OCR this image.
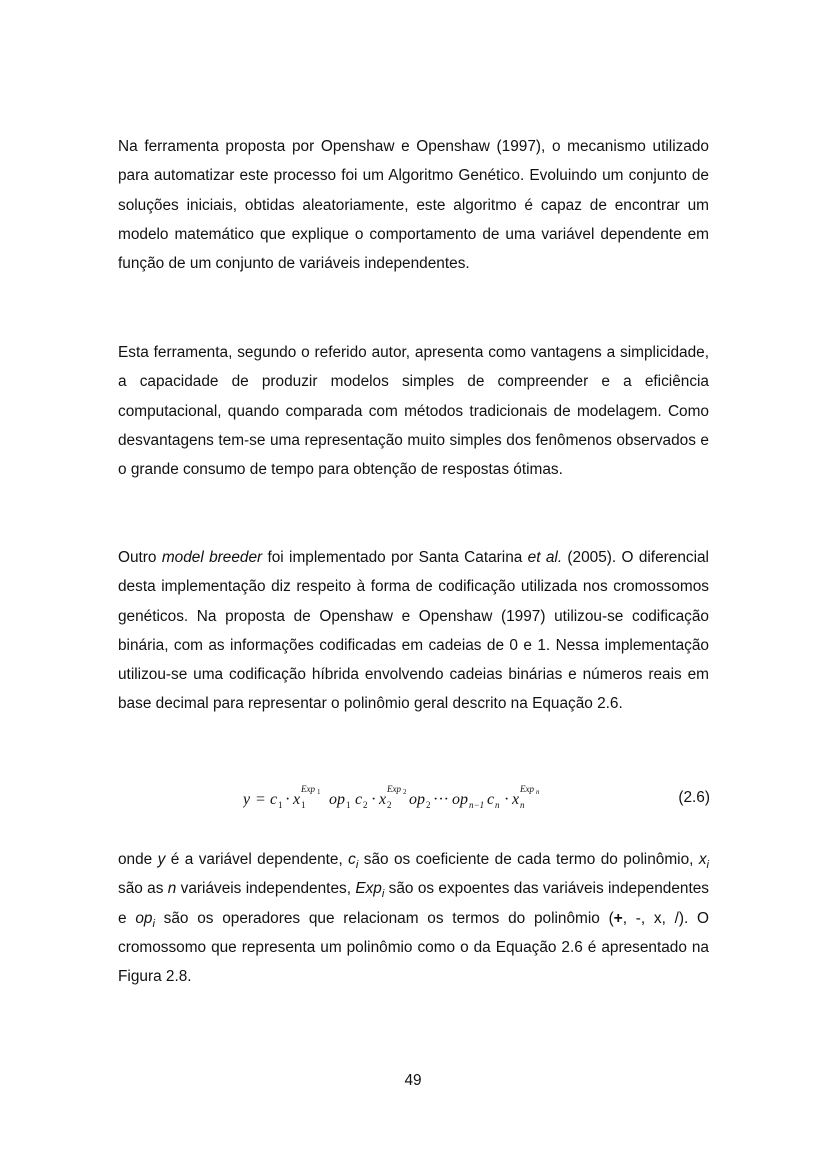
Na ferramenta proposta por Openshaw e Openshaw (1997), o mecanismo utilizado para automatizar este processo foi um Algoritmo Genético. Evoluindo um conjunto de soluções iniciais, obtidas aleatoriamente, este algoritmo é capaz de encontrar um modelo matemático que explique o comportamento de uma variável dependente em função de um conjunto de variáveis independentes.

Esta ferramenta, segundo o referido autor, apresenta como vantagens a simplicidade, a capacidade de produzir modelos simples de compreender e a eficiência computacional, quando comparada com métodos tradicionais de modelagem. Como desvantagens tem-se uma representação muito simples dos fenômenos observados e o grande consumo de tempo para obtenção de respostas ótimas.

Outro model breeder foi implementado por Santa Catarina et al. (2005). O diferencial desta implementação diz respeito à forma de codificação utilizada nos cromossomos genéticos. Na proposta de Openshaw e Openshaw (1997) utilizou-se codificação binária, com as informações codificadas em cadeias de 0 e 1. Nessa implementação utilizou-se uma codificação híbrida envolvendo cadeias binárias e números reais em base decimal para representar o polinômio geral descrito na Equação 2.6.

y = c 1 · x 1
Exp 1 op 1 c 2 · x 2
Exp 2 op 2 ··· op n−1 c n · x n
Exp n	(2.6)

onde y é a variável dependente, $c_i$ são os coeficiente de cada termo do polinômio, $x_i$ são as n variáveis independentes, Exp$_i$ são os expoentes das variáveis independentes e $op_i$ são os operadores que relacionam os termos do polinômio (+, -, x, /). O cromossomo que representa um polinômio como o da Equação 2.6 é apresentado na Figura 2.8.

49
